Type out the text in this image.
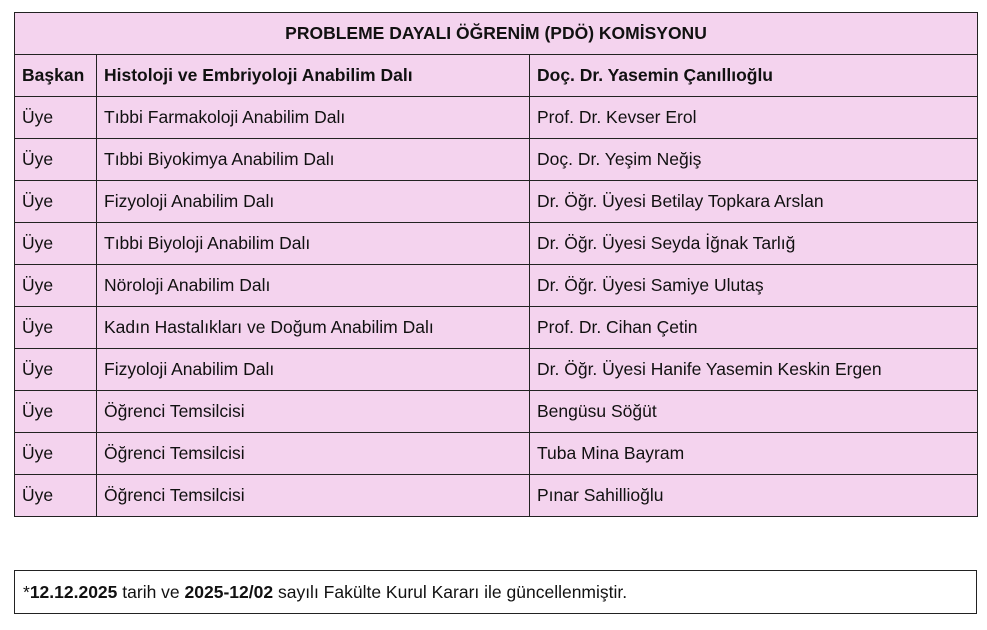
PROBLEME DAYALI ÖĞRENİM (PDÖ) KOMİSYONU		
Başkan	Histoloji ve Embriyoloji Anabilim Dalı	Doç. Dr. Yasemin Çanıllıoğlu
Üye	Tıbbi Farmakoloji Anabilim Dalı	Prof. Dr. Kevser Erol
Üye	Tıbbi Biyokimya Anabilim Dalı	Doç. Dr. Yeşim Neğiş
Üye	Fizyoloji Anabilim Dalı	Dr. Öğr. Üyesi Betilay Topkara Arslan
Üye	Tıbbi Biyoloji Anabilim Dalı	Dr. Öğr. Üyesi Seyda İğnak Tarlığ
Üye	Nöroloji Anabilim Dalı	Dr. Öğr. Üyesi Samiye Ulutaş
Üye	Kadın Hastalıkları ve Doğum Anabilim Dalı	Prof. Dr. Cihan Çetin
Üye	Fizyoloji Anabilim Dalı	Dr. Öğr. Üyesi Hanife Yasemin Keskin Ergen
Üye	Öğrenci Temsilcisi	Bengüsu Söğüt
Üye	Öğrenci Temsilcisi	Tuba Mina Bayram
Üye	Öğrenci Temsilcisi	Pınar Sahillioğlu
*12.12.2025 tarih ve 2025-12/02 sayılı Fakülte Kurul Kararı ile güncellenmiştir.
